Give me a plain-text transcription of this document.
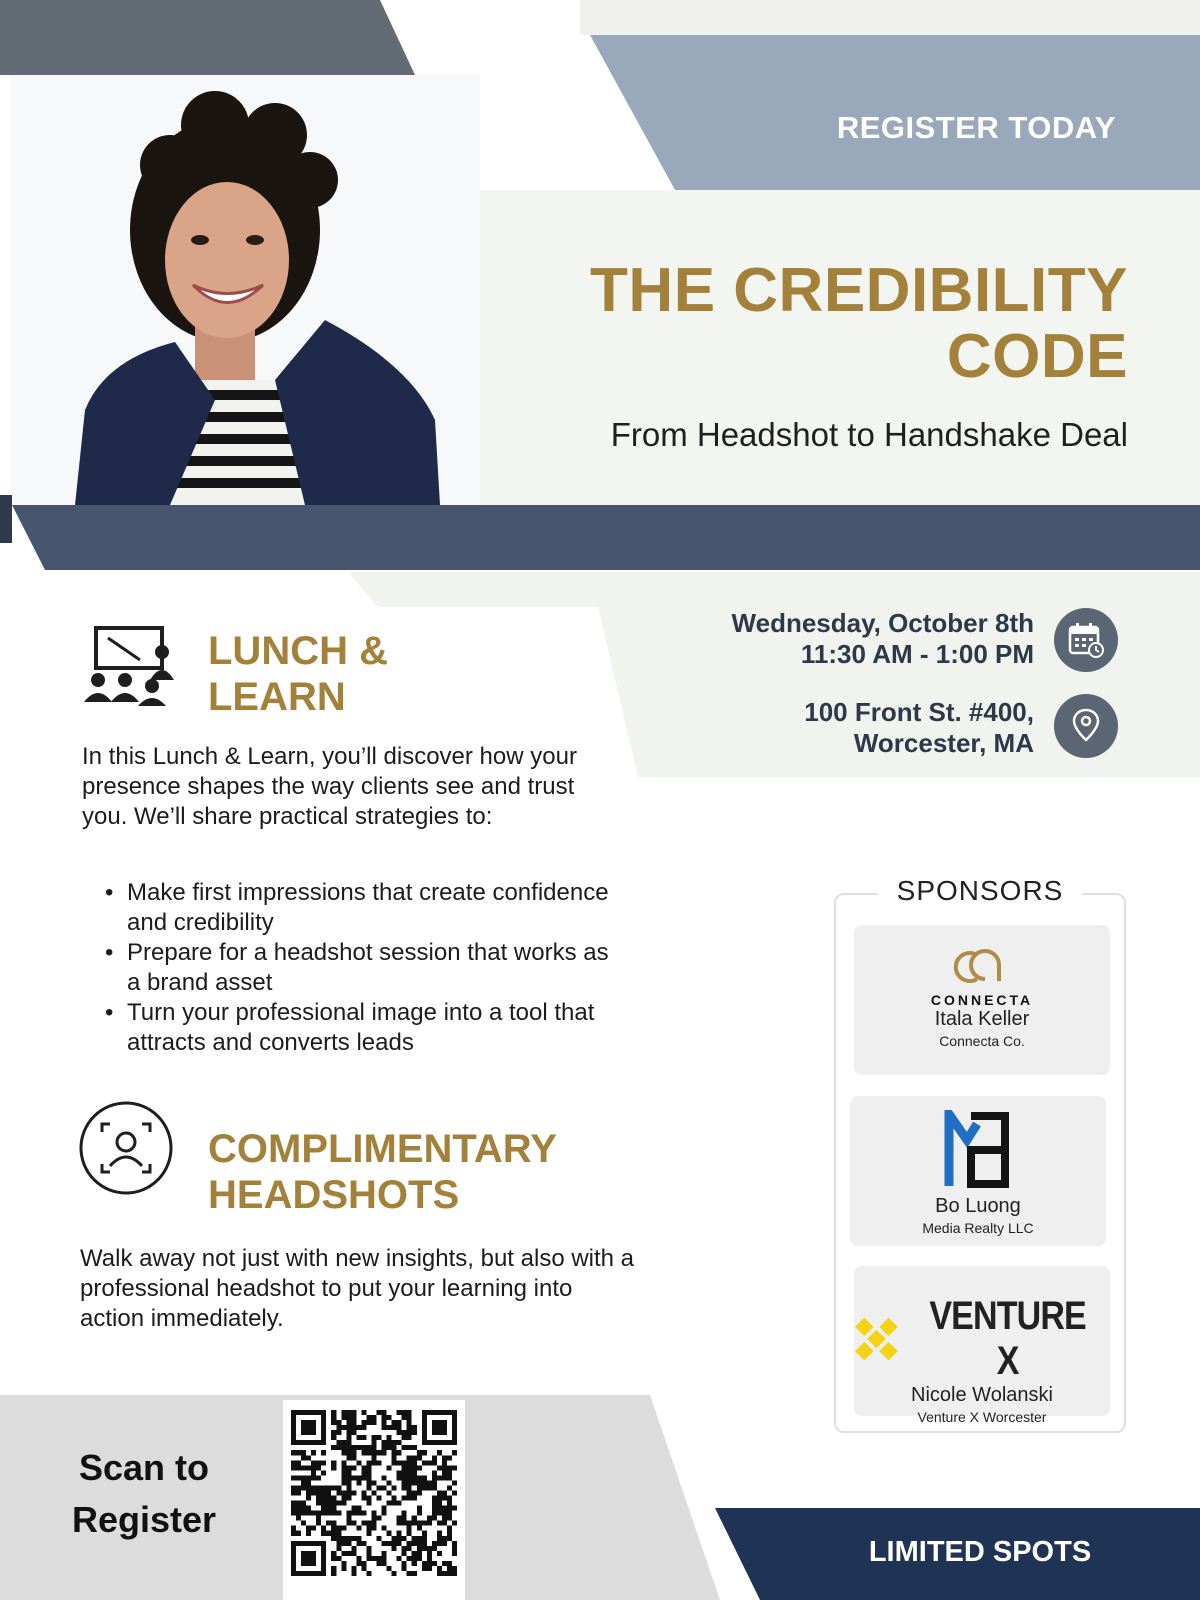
REGISTER TODAY
THE CREDIBILITY
CODE
From Headshot to Handshake Deal
Wednesday, October 8th
11:30 AM - 1:00 PM
100 Front St. #400,
Worcester, MA
LUNCH &
LEARN
In this Lunch & Learn, you’ll discover how your presence shapes the way clients see and trust you. We’ll share practical strategies to:
• Make first impressions that create confidence and credibility
• Prepare for a headshot session that works as a brand asset
• Turn your professional image into a tool that attracts and converts leads
COMPLIMENTARY
HEADSHOTS
Walk away not just with new insights, but also with a professional headshot to put your learning into action immediately.
Scan to
Register
LIMITED SPOTS
SPONSORS
CONNECTA
Itala Keller
Connecta Co.
Bo Luong
Media Realty LLC
VENTURE X
Nicole Wolanski
Venture X Worcester
